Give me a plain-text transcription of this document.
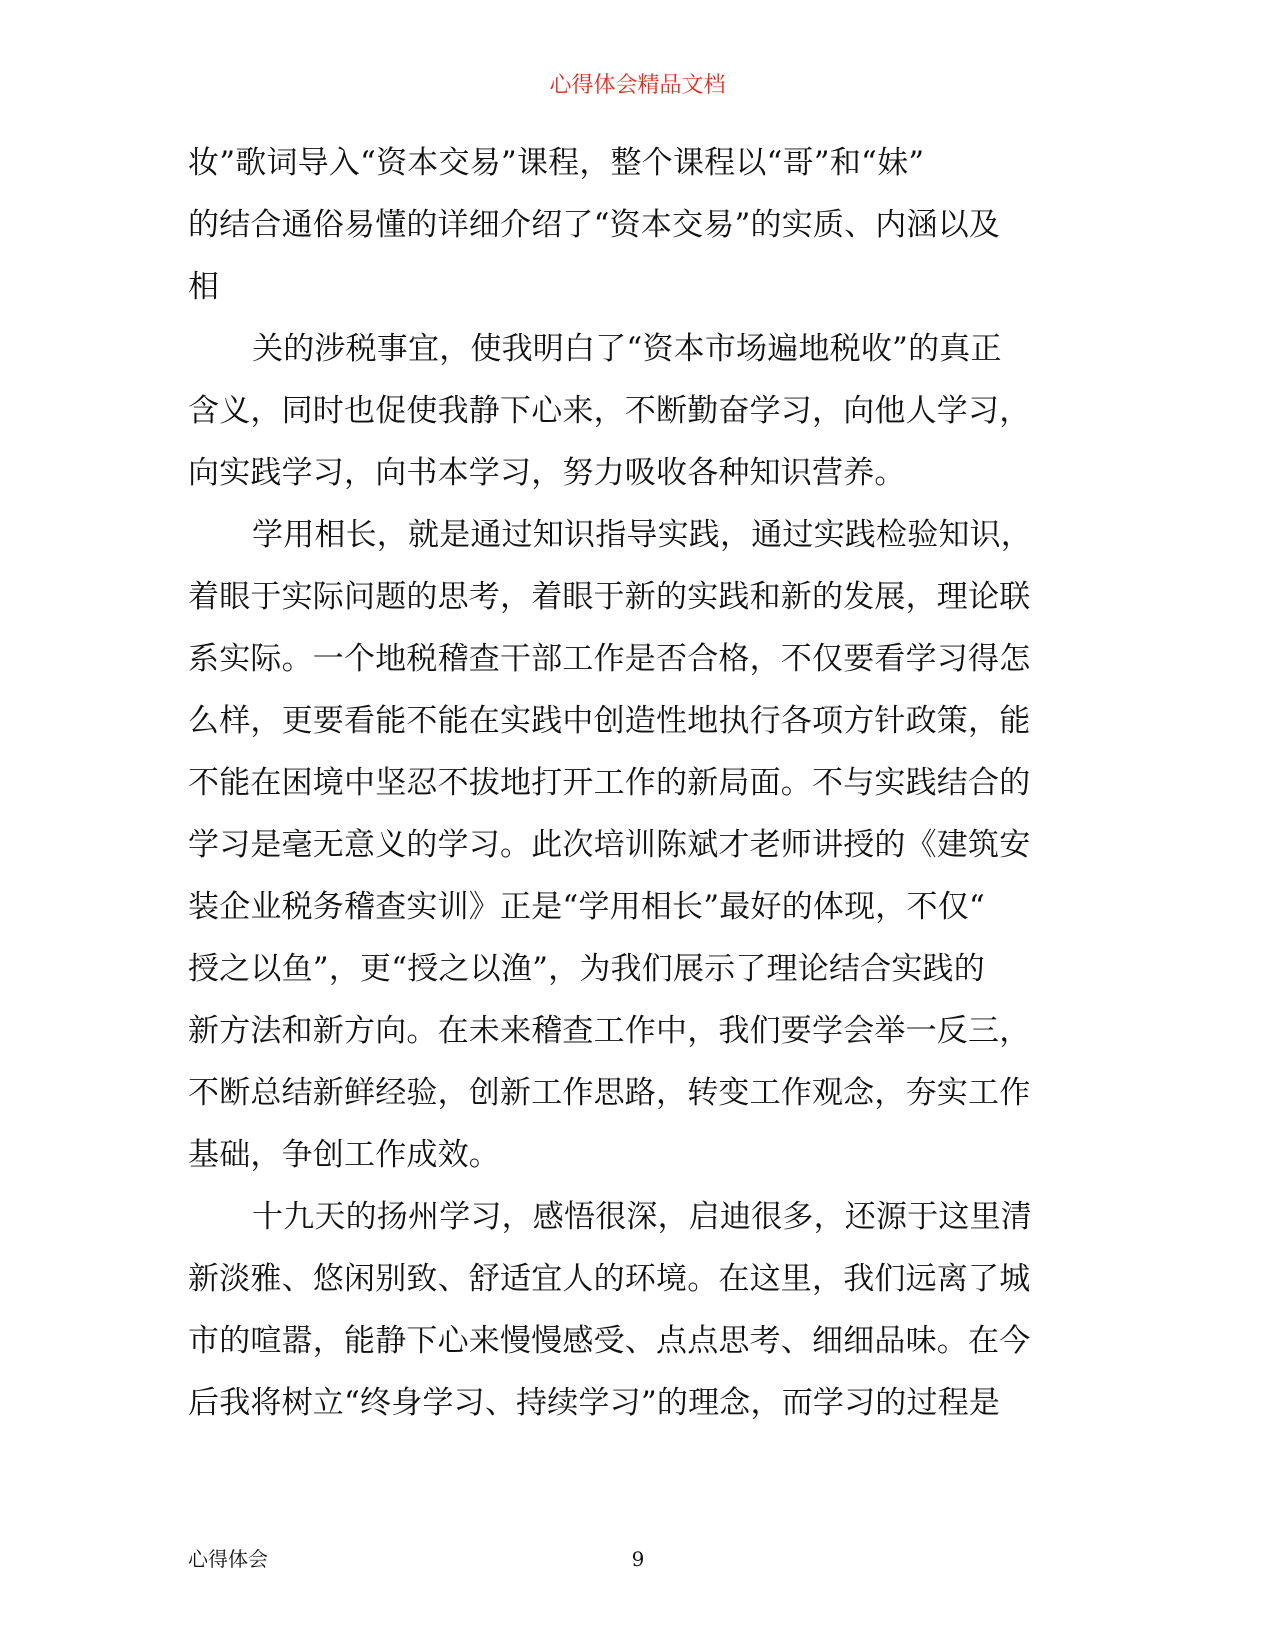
心得体会精品文档
妆”歌词导入“资本交易”课程，整个课程以“哥”和“妹”
的结合通俗易懂的详细介绍了“资本交易”的实质、内涵以及
相
关的涉税事宜，使我明白了“资本市场遍地税收”的真正
含义，同时也促使我静下心来，不断勤奋学习，向他人学习，
向实践学习，向书本学习，努力吸收各种知识营养。
学用相长，就是通过知识指导实践，通过实践检验知识，
着眼于实际问题的思考，着眼于新的实践和新的发展，理论联
系实际。一个地税稽查干部工作是否合格，不仅要看学习得怎
么样，更要看能不能在实践中创造性地执行各项方针政策，能
不能在困境中坚忍不拔地打开工作的新局面。不与实践结合的
学习是毫无意义的学习。此次培训陈斌才老师讲授的《建筑安
装企业税务稽查实训》正是“学用相长”最好的体现，不仅“
授之以鱼”，更“授之以渔”，为我们展示了理论结合实践的
新方法和新方向。在未来稽查工作中，我们要学会举一反三，
不断总结新鲜经验，创新工作思路，转变工作观念，夯实工作
基础，争创工作成效。
十九天的扬州学习，感悟很深，启迪很多，还源于这里清
新淡雅、悠闲别致、舒适宜人的环境。在这里，我们远离了城
市的喧嚣，能静下心来慢慢感受、点点思考、细细品味。在今
后我将树立“终身学习、持续学习”的理念，而学习的过程是
心得体会	9
